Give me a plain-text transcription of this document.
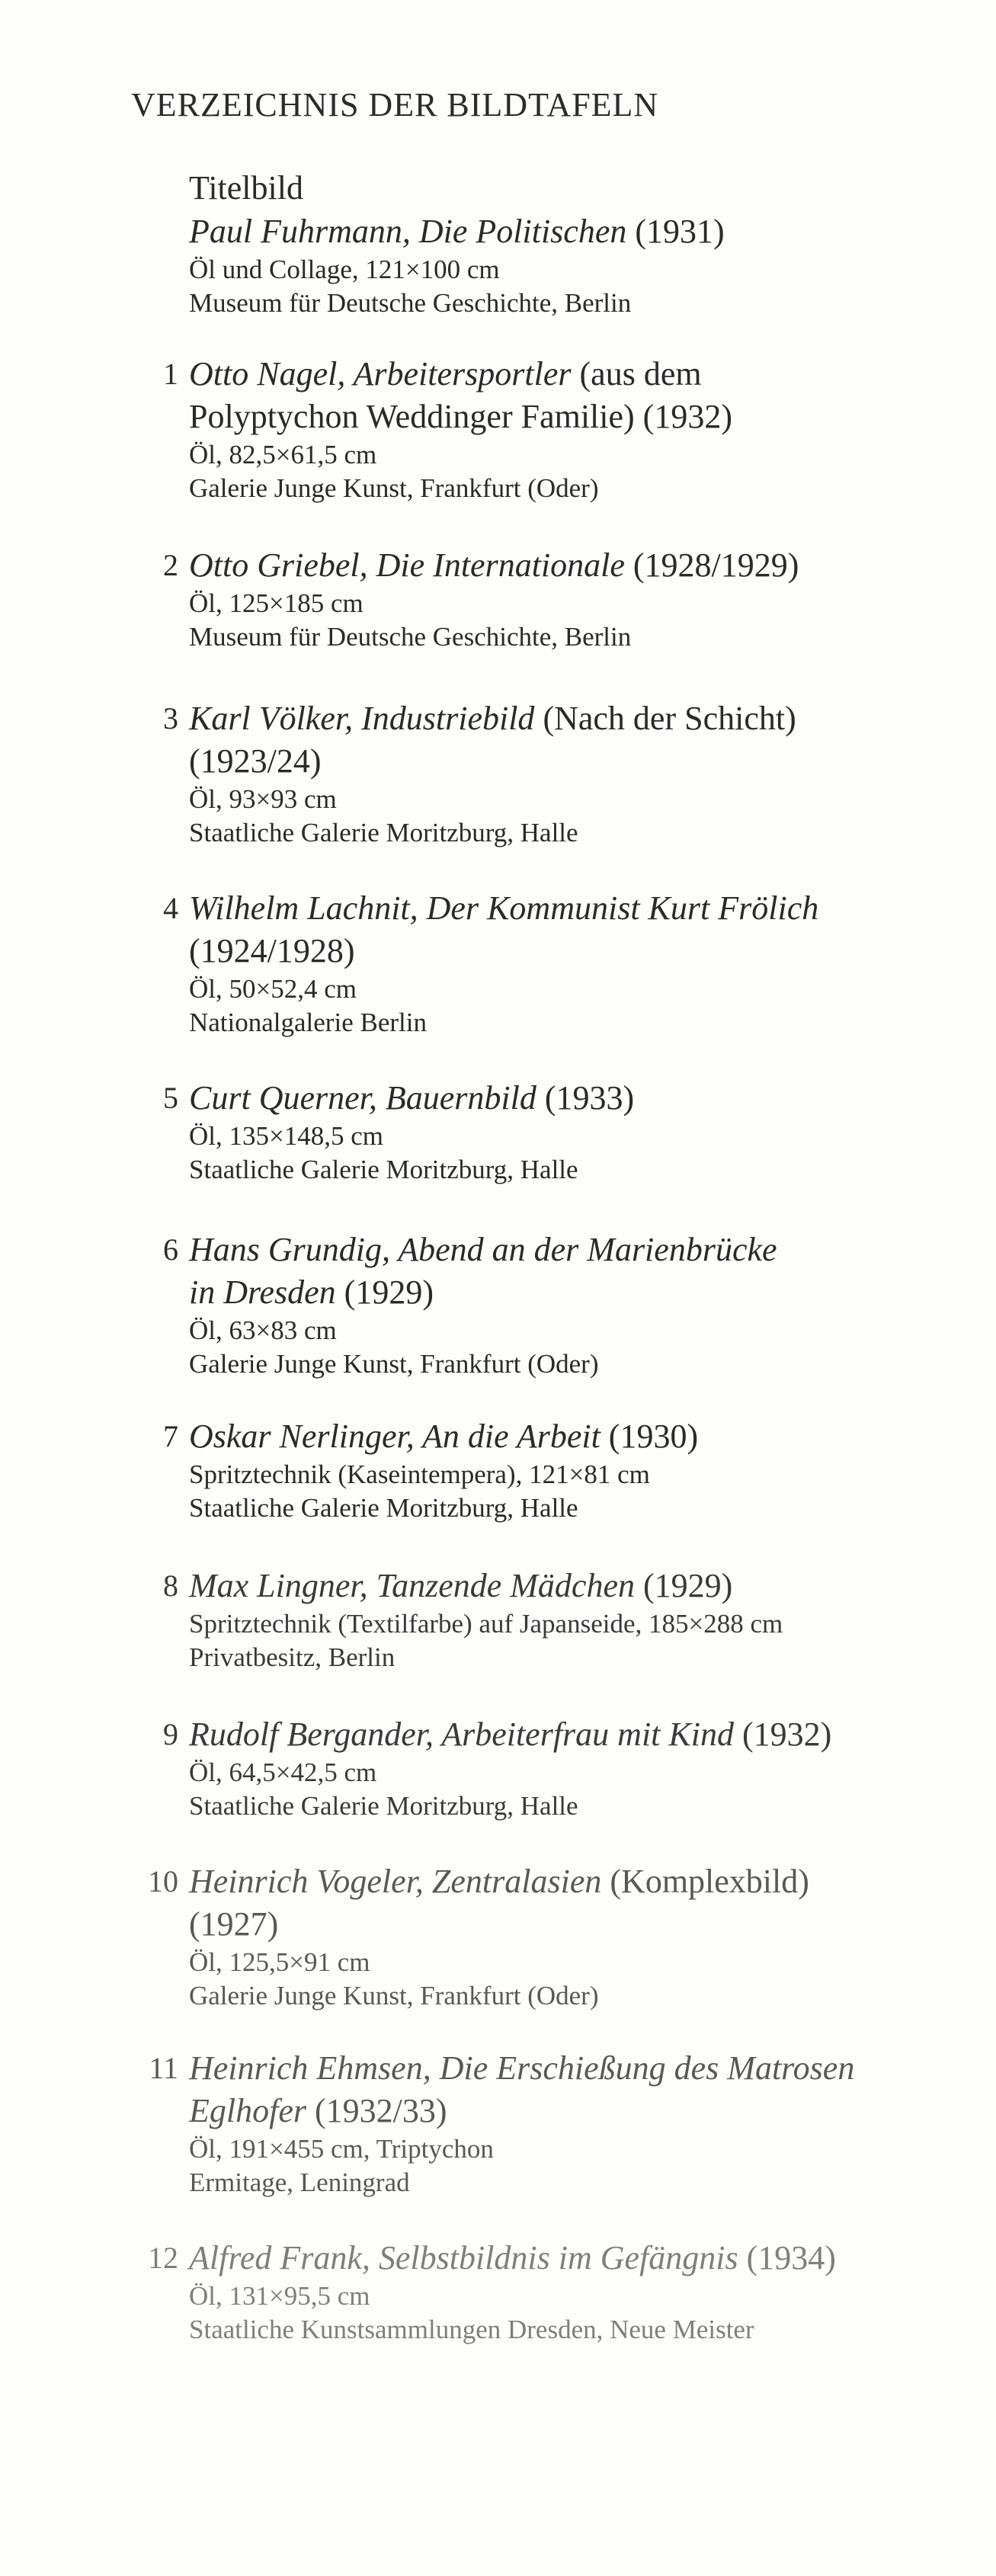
VERZEICHNIS DER BILDTAFELN
Titelbild

Paul Fuhrmann, Die Politischen (1931)

Öl und Collage, 121×100 cm

Museum für Deutsche Geschichte, Berlin

1 Otto Nagel, Arbeitersportler (aus dem

Polyptychon Weddinger Familie) (1932)

Öl, 82,5×61,5 cm

Galerie Junge Kunst, Frankfurt (Oder)

2 Otto Griebel, Die Internationale (1928/1929)

Öl, 125×185 cm

Museum für Deutsche Geschichte, Berlin

3 Karl Völker, Industriebild (Nach der Schicht)

(1923/24)

Öl, 93×93 cm

Staatliche Galerie Moritzburg, Halle

4 Wilhelm Lachnit, Der Kommunist Kurt Frölich

(1924/1928)

Öl, 50×52,4 cm

Nationalgalerie Berlin

5 Curt Querner, Bauernbild (1933)

Öl, 135×148,5 cm

Staatliche Galerie Moritzburg, Halle

6 Hans Grundig, Abend an der Marienbrücke

in Dresden (1929)

Öl, 63×83 cm

Galerie Junge Kunst, Frankfurt (Oder)

7 Oskar Nerlinger, An die Arbeit (1930)

Spritztechnik (Kaseintempera), 121×81 cm

Staatliche Galerie Moritzburg, Halle

8 Max Lingner, Tanzende Mädchen (1929)

Spritztechnik (Textilfarbe) auf Japanseide, 185×288 cm

Privatbesitz, Berlin

9 Rudolf Bergander, Arbeiterfrau mit Kind (1932)

Öl, 64,5×42,5 cm

Staatliche Galerie Moritzburg, Halle

10 Heinrich Vogeler, Zentralasien (Komplexbild)

(1927)

Öl, 125,5×91 cm

Galerie Junge Kunst, Frankfurt (Oder)

11 Heinrich Ehmsen, Die Erschießung des Matrosen

Eglhofer (1932/33)

Öl, 191×455 cm, Triptychon

Ermitage, Leningrad

12 Alfred Frank, Selbstbildnis im Gefängnis (1934)

Öl, 131×95,5 cm

Staatliche Kunstsammlungen Dresden, Neue Meister
